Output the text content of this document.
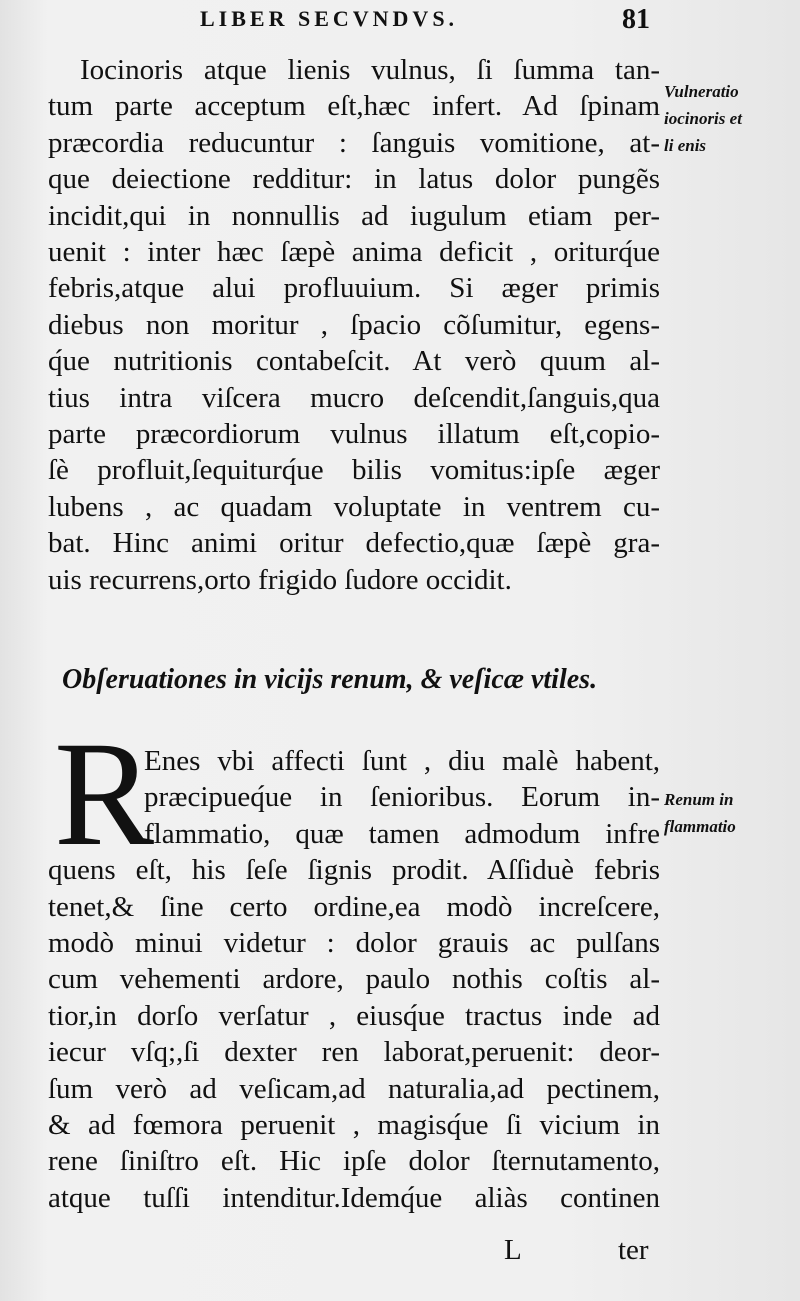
LIBER SECVNDVS.	81
Iocinoris atque lienis vulnus, ſi ſumma tan-
tum parte acceptum eſt,hæc infert. Ad ſpinam
præcordia reducuntur : ſanguis vomitione, at-
que deiectione redditur: in latus dolor pungẽs
incidit,qui in nonnullis ad iugulum etiam per-
uenit : inter hæc ſæpè anima deficit , oriturq́ue
febris,atque alui profluuium. Si æger primis
diebus non moritur , ſpacio cõſumitur, egens-
q́ue nutritionis contabeſcit. At verò quum al-
tius intra viſcera mucro deſcendit,ſanguis,qua
parte præcordiorum vulnus illatum eſt,copio-
ſè profluit,ſequiturq́ue bilis vomitus:ipſe æger
lubens , ac quadam voluptate in ventrem cu-
bat. Hinc animi oritur defectio,quæ ſæpè gra-
uis recurrens,orto frigido ſudore occidit.
Vulneratio
iocinoris et
li enis
Obſeruationes in vicijs renum, & veſicæ vtiles.
R
Enes vbi affecti ſunt , diu malè habent,
præcipueq́ue in ſenioribus. Eorum in-
flammatio, quæ tamen admodum infre
quens eſt, his ſeſe ſignis prodit. Aſſiduè febris
tenet,& ſine certo ordine,ea modò increſcere,
modò minui videtur : dolor grauis ac pulſans
cum vehementi ardore, paulo nothis coſtis al-
tior,in dorſo verſatur , eiusq́ue tractus inde ad
iecur vſq;,ſi dexter ren laborat,peruenit: deor-
ſum verò ad veſicam,ad naturalia,ad pectinem,
& ad fœmora peruenit , magisq́ue ſi vicium in
rene ſiniſtro eſt. Hic ipſe dolor ſternutamento,
atque tuſſi intenditur.Idemq́ue aliàs continen
Renum in
flammatio
L	ter
